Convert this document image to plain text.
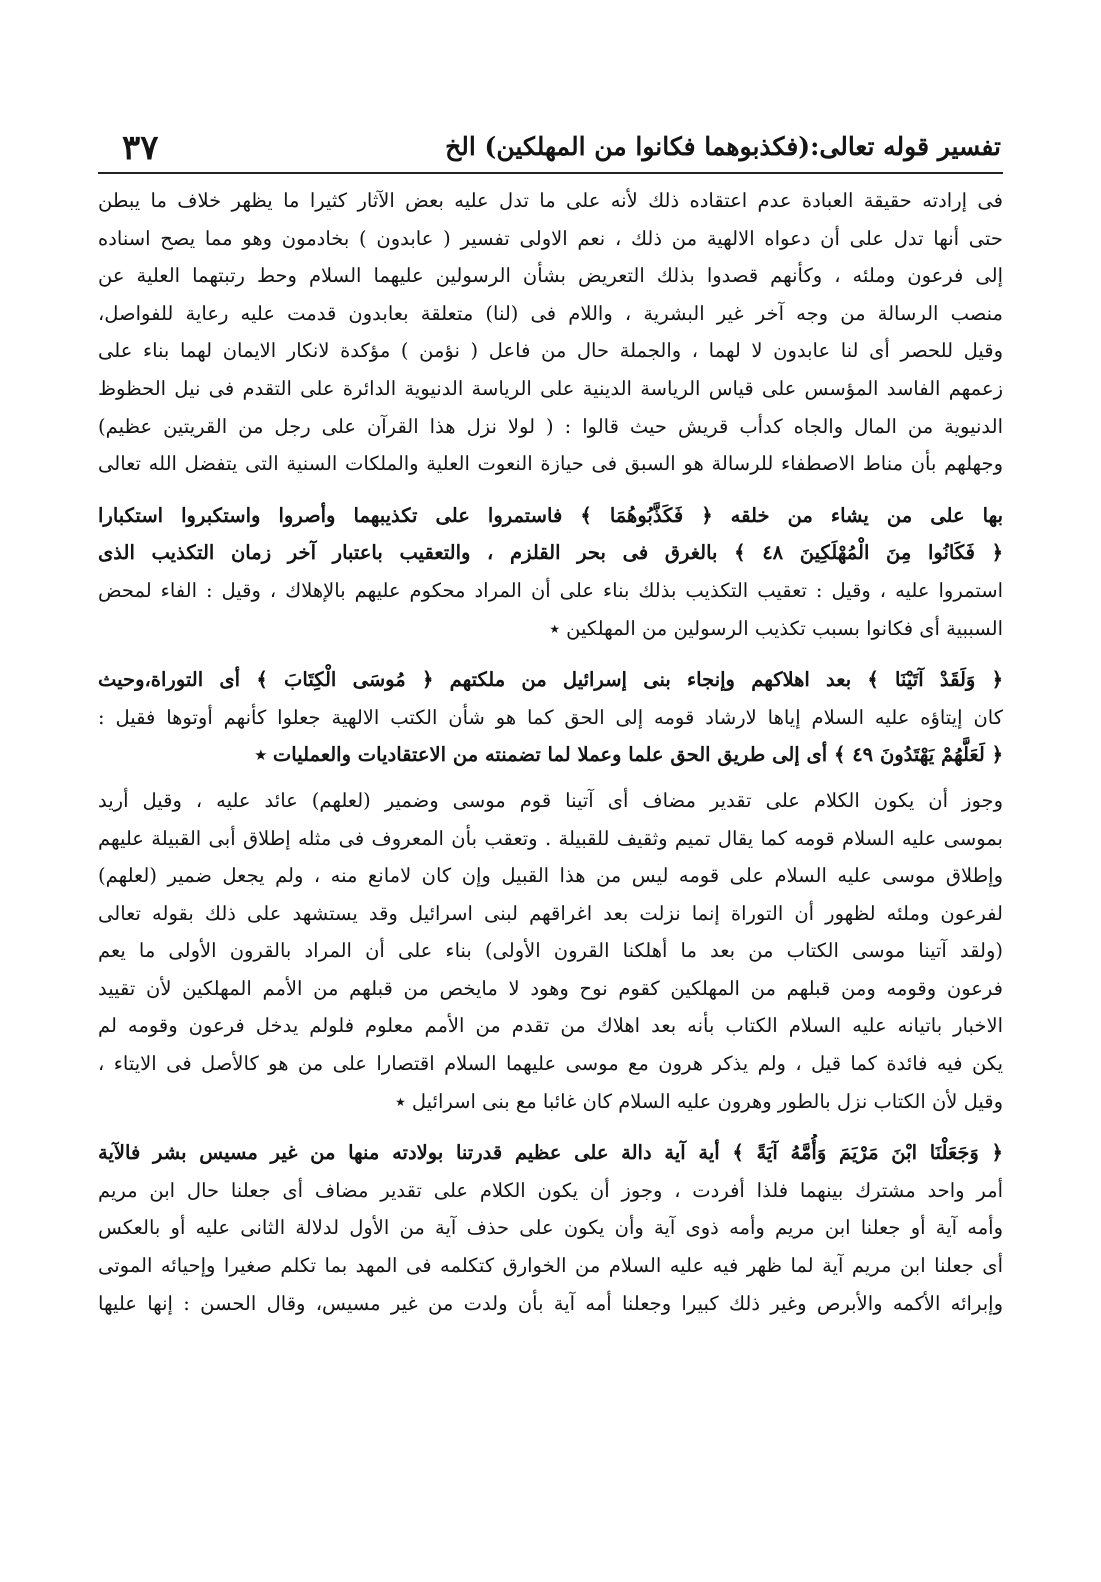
تفسير قوله تعالى:(فكذبوهما فكانوا من المهلكين) الخ
٣٧
فى إرادته حقيقة العبادة عدم اعتقاده ذلك لأنه على ما تدل عليه بعض الآثار كثيرا ما يظهر خلاف ما يبطن
حتى أنها تدل على أن دعواه الالهية من ذلك ، نعم الاولى تفسير ( عابدون ) بخادمون وهو مما يصح اسناده
إلى فرعون وملئه ، وكأنهم قصدوا بذلك التعريض بشأن الرسولين عليهما السلام وحط رتبتهما العلية عن
منصب الرسالة من وجه آخر غير البشرية ، واللام فى (لنا) متعلقة بعابدون قدمت عليه رعاية للفواصل،
وقيل للحصر أى لنا عابدون لا لهما ، والجملة حال من فاعل ( نؤمن ) مؤكدة لانكار الايمان لهما بناء على
زعمهم الفاسد المؤسس على قياس الرياسة الدينية على الرياسة الدنيوية الدائرة على التقدم فى نيل الحظوظ
الدنيوية من المال والجاه كدأب قريش حيث قالوا : ( لولا نزل هذا القرآن على رجل من القريتين عظيم)
وجهلهم بأن مناط الاصطفاء للرسالة هو السبق فى حيازة النعوت العلية والملكات السنية التى يتفضل الله تعالى
بها على من يشاء من خلقه ﴿ فَكَذَّبُوهُمَا ﴾ فاستمروا على تكذيبهما وأصروا واستكبروا استكبارا
﴿ فَكَانُوا مِنَ الْمُهْلَكِينَ ٤٨ ﴾ بالغرق فى بحر القلزم ، والتعقيب باعتبار آخر زمان التكذيب الذى
استمروا عليه ، وقيل : تعقيب التكذيب بذلك بناء على أن المراد محكوم عليهم بالإهلاك ، وقيل : الفاء لمحض
السببية أى فكانوا بسبب تكذيب الرسولين من المهلكين ٭
﴿ وَلَقَدْ آتَيْنَا ﴾ بعد اهلاكهم وإنجاء بنى إسرائيل من ملكتهم ﴿ مُوسَى الْكِتَابَ ﴾ أى التوراة،وحيث
كان إيتاؤه عليه السلام إياها لارشاد قومه إلى الحق كما هو شأن الكتب الالهية جعلوا كأنهم أوتوها فقيل :
﴿ لَعَلَّهُمْ يَهْتَدُونَ ٤٩ ﴾ أى إلى طريق الحق علما وعملا لما تضمنته من الاعتقاديات والعمليات ٭
وجوز أن يكون الكلام على تقدير مضاف أى آتينا قوم موسى وضمير (لعلهم) عائد عليه ، وقيل أريد
بموسى عليه السلام قومه كما يقال تميم وثقيف للقبيلة . وتعقب بأن المعروف فى مثله إطلاق أبى القبيلة عليهم
وإطلاق موسى عليه السلام على قومه ليس من هذا القبيل وإن كان لامانع منه ، ولم يجعل ضمير (لعلهم)
لفرعون وملئه لظهور أن التوراة إنما نزلت بعد اغراقهم لبنى اسرائيل وقد يستشهد على ذلك بقوله تعالى
(ولقد آتينا موسى الكتاب من بعد ما أهلكنا القرون الأولى) بناء على أن المراد بالقرون الأولى ما يعم
فرعون وقومه ومن قبلهم من المهلكين كقوم نوح وهود لا مايخص من قبلهم من الأمم المهلكين لأن تقييد
الاخبار باتيانه عليه السلام الكتاب بأنه بعد اهلاك من تقدم من الأمم معلوم فلولم يدخل فرعون وقومه لم
يكن فيه فائدة كما قيل ، ولم يذكر هرون مع موسى عليهما السلام اقتصارا على من هو كالأصل فى الايتاء ،
وقيل لأن الكتاب نزل بالطور وهرون عليه السلام كان غائبا مع بنى اسرائيل ٭
﴿ وَجَعَلْنَا ابْنَ مَرْيَمَ وَأُمَّهُ آيَةً ﴾ أية آية دالة على عظيم قدرتنا بولادته منها من غير مسيس بشر فالآية
أمر واحد مشترك بينهما فلذا أفردت ، وجوز أن يكون الكلام على تقدير مضاف أى جعلنا حال ابن مريم
وأمه آية أو جعلنا ابن مريم وأمه ذوى آية وأن يكون على حذف آية من الأول لدلالة الثانى عليه أو بالعكس
أى جعلنا ابن مريم آية لما ظهر فيه عليه السلام من الخوارق كتكلمه فى المهد بما تكلم صغيرا وإحيائه الموتى
وإبرائه الأكمه والأبرص وغير ذلك كبيرا وجعلنا أمه آية بأن ولدت من غير مسيس، وقال الحسن : إنها عليها
